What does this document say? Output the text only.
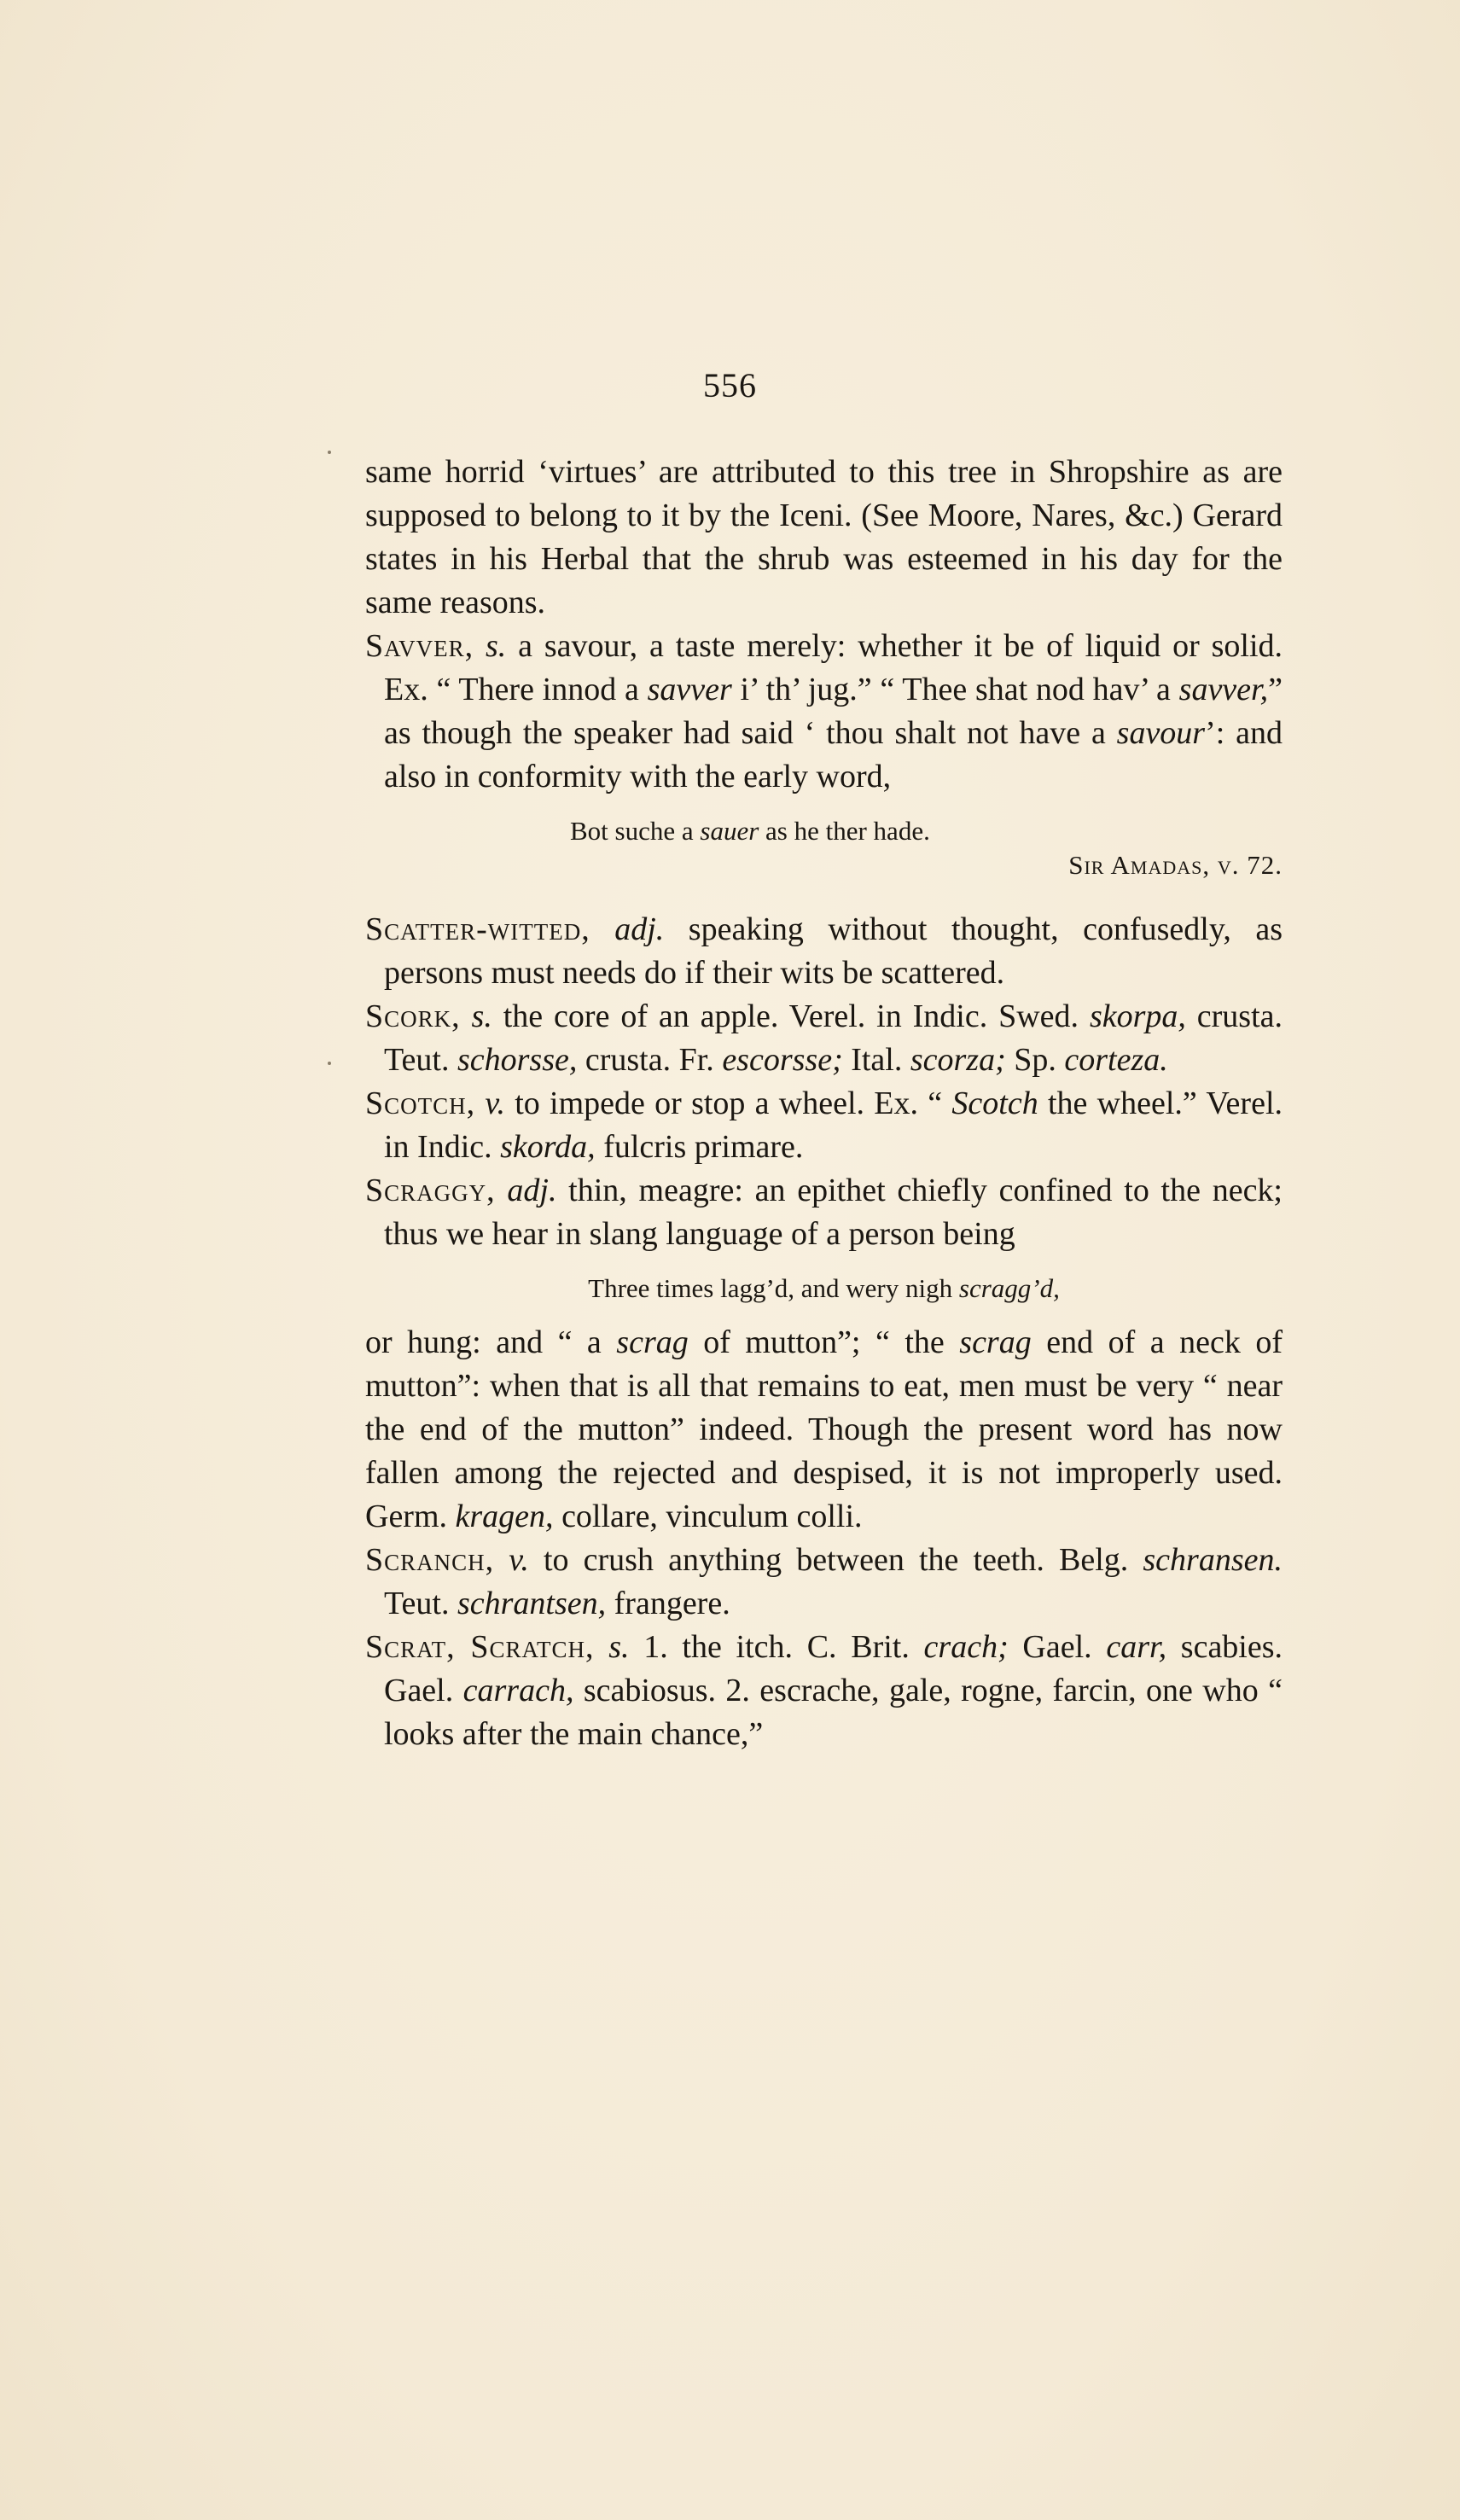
556

same horrid ‘virtues’ are attributed to this tree in Shropshire as are supposed to belong to it by the Iceni. (See Moore, Nares, &c.) Gerard states in his Herbal that the shrub was esteemed in his day for the same reasons.

Savver, s. a savour, a taste merely: whether it be of liquid or solid. Ex. “ There innod a savver i’ th’ jug.” “ Thee shat nod hav’ a savver,” as though the speaker had said ‘ thou shalt not have a savour’: and also in conformity with the early word,

Bot suche a sauer as he ther hade.

Sir Amadas, v. 72.

Scatter-witted, adj. speaking without thought, confusedly, as persons must needs do if their wits be scattered.

Scork, s. the core of an apple. Verel. in Indic. Swed. skorpa, crusta. Teut. schorsse, crusta. Fr. escorsse; Ital. scorza; Sp. corteza.

Scotch, v. to impede or stop a wheel. Ex. “ Scotch the wheel.” Verel. in Indic. skorda, fulcris primare.

Scraggy, adj. thin, meagre: an epithet chiefly confined to the neck; thus we hear in slang language of a person being

Three times lagg’d, and wery nigh scragg’d,

or hung: and “ a scrag of mutton”; “ the scrag end of a neck of mutton”: when that is all that remains to eat, men must be very “ near the end of the mutton” indeed. Though the present word has now fallen among the rejected and despised, it is not improperly used. Germ. kragen, collare, vinculum colli.

Scranch, v. to crush anything between the teeth. Belg. schransen. Teut. schrantsen, frangere.

Scrat, Scratch, s. 1. the itch. C. Brit. crach; Gael. carr, scabies. Gael. carrach, scabiosus. 2. escrache, gale, rogne, farcin, one who “ looks after the main chance,”
